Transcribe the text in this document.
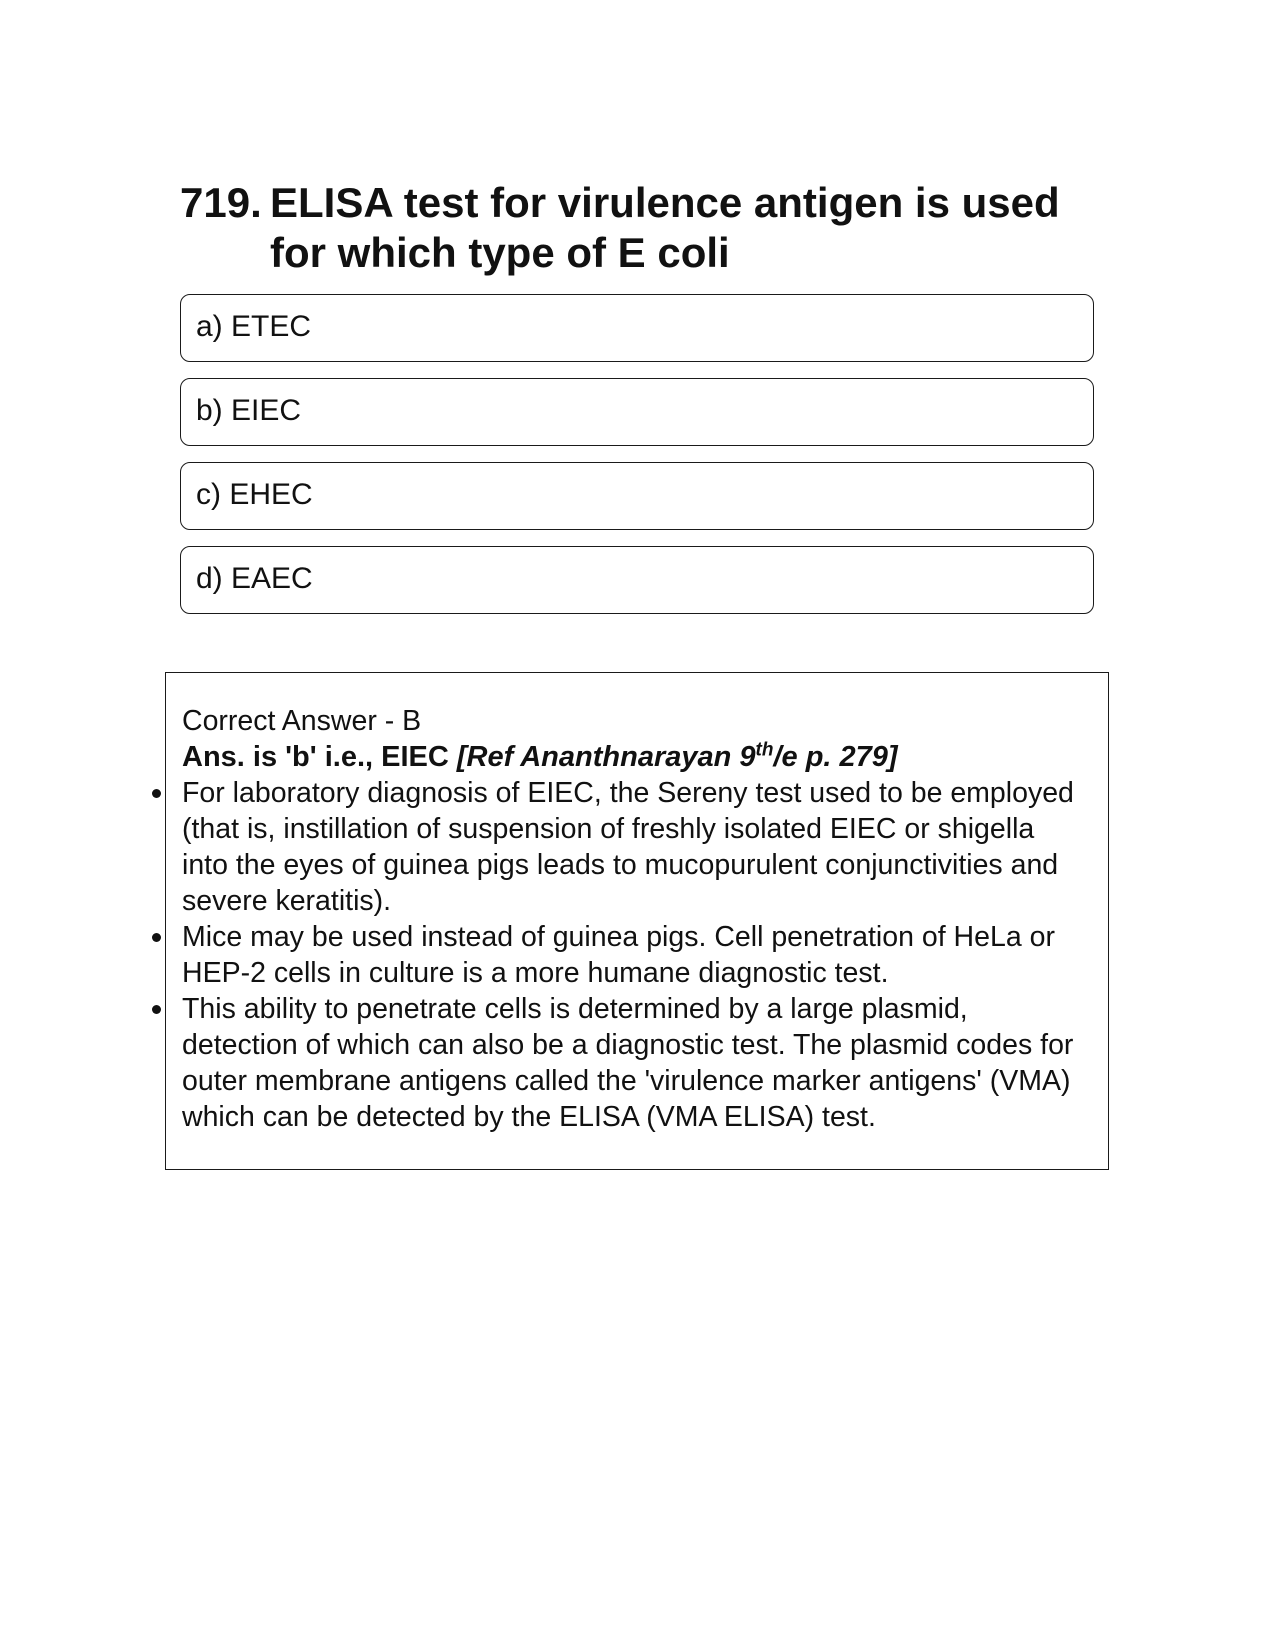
719. ELISA test for virulence antigen is used for which type of E coli
a) ETEC
b) EIEC
c) EHEC
d) EAEC
Correct Answer - B
Ans. is 'b' i.e., EIEC [Ref Ananthnarayan 9th/e p. 279]
For laboratory diagnosis of EIEC, the Sereny test used to be employed (that is, instillation of suspension of freshly isolated EIEC or shigella into the eyes of guinea pigs leads to mucopurulent conjunctivities and severe keratitis).
Mice may be used instead of guinea pigs. Cell penetration of HeLa or HEP-2 cells in culture is a more humane diagnostic test.
This ability to penetrate cells is determined by a large plasmid, detection of which can also be a diagnostic test. The plasmid codes for outer membrane antigens called the 'virulence marker antigens' (VMA) which can be detected by the ELISA (VMA ELISA) test.
